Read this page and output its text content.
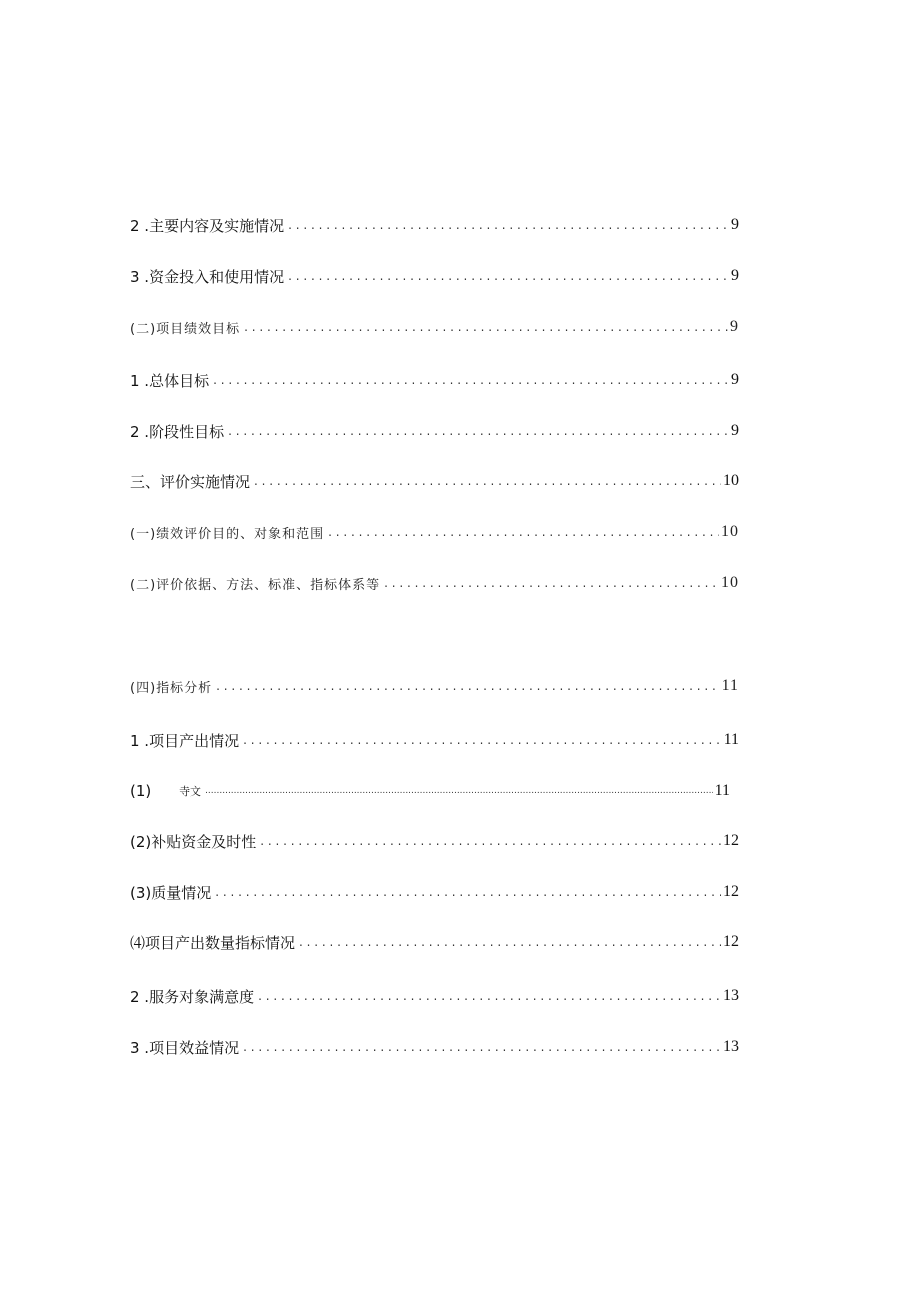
2 .主要内容及实施情况 . . .	9
3 .资金投入和使用情况 . . .	9
(二)项目绩效目标 . . .	9
1 .总体目标 . . .	9
2 .阶段性目标 . . .	9
三、评价实施情况 . . .	10
(一)绩效评价目的、对象和范围 . . .	10
(二)评价依据、方法、标准、指标体系等 . . .	10
(四)指标分析 . . .	11
1 .项目产出情况 . . .	11
(1)	寺文 .....	11
(2)补贴资金及时性 . . .	12
(3)质量情况 . . .	12
⑷项目产出数量指标情况 . . .	12
2 .服务对象满意度 . . .	13
3 .项目效益情况 . . .	13
